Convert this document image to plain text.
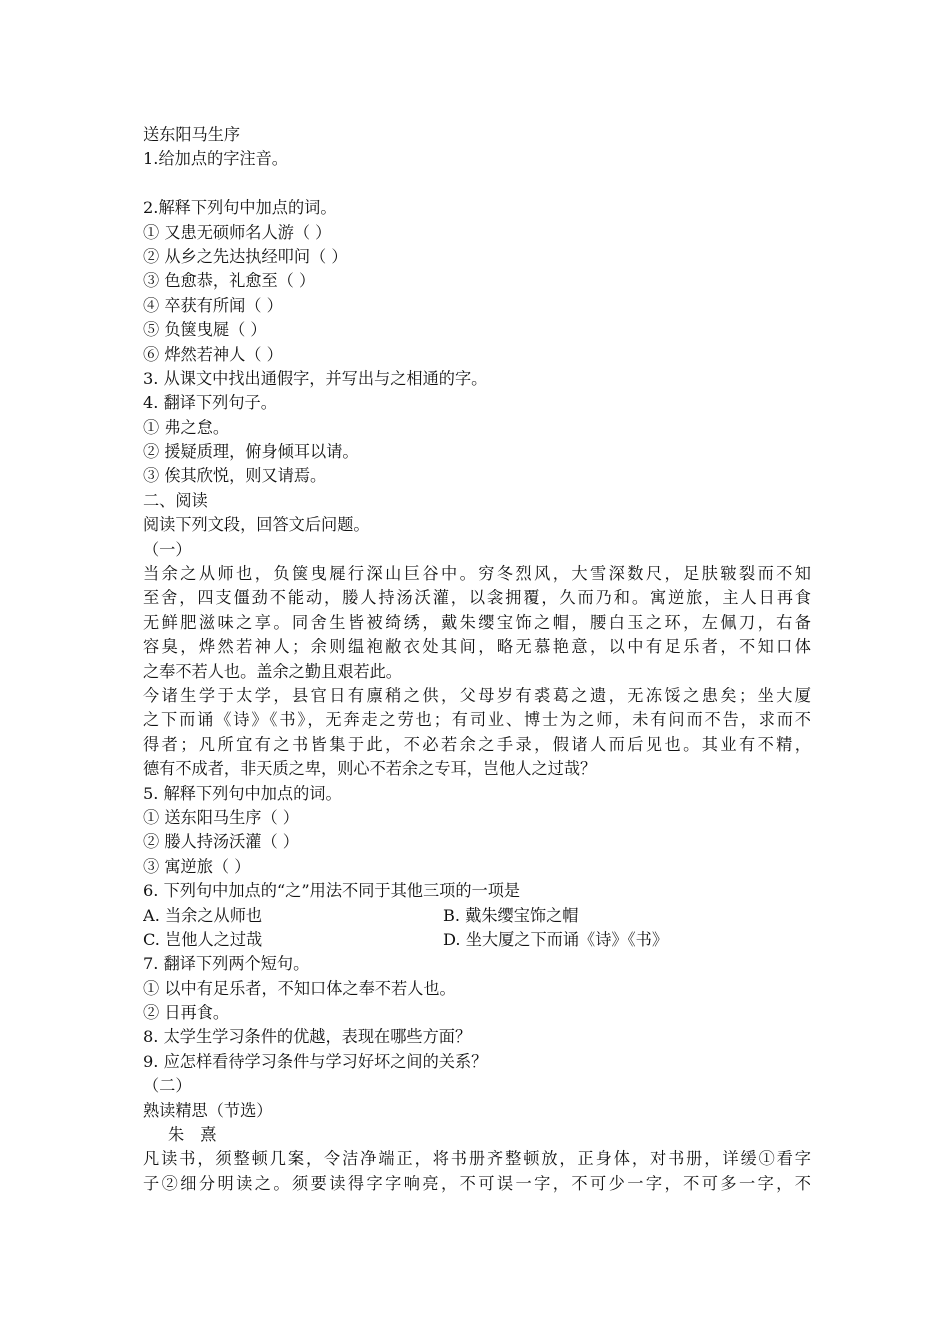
送东阳马生序
1.给加点的字注音。
2.解释下列句中加点的词。
① 又患无硕师名人游（ ）
② 从乡之先达执经叩问（ ）
③ 色愈恭，礼愈至（ ）
④ 卒获有所闻（ ）
⑤ 负箧曳屣（ ）
⑥ 烨然若神人（ ）
3. 从课文中找出通假字，并写出与之相通的字。
4. 翻译下列句子。
① 弗之怠。
② 援疑质理，俯身倾耳以请。
③ 俟其欣悦，则又请焉。
二、阅读
阅读下列文段，回答文后问题。
（一）
当余之从师也，负箧曳屣行深山巨谷中。穷冬烈风，大雪深数尺，足肤皲裂而不知
至舍，四支僵劲不能动，媵人持汤沃灌，以衾拥覆，久而乃和。寓逆旅，主人日再食
无鲜肥滋味之享。同舍生皆被绮绣，戴朱缨宝饰之帽，腰白玉之环，左佩刀，右备
容臭，烨然若神人；余则缊袍敝衣处其间，略无慕艳意，以中有足乐者，不知口体
之奉不若人也。盖余之勤且艰若此。
今诸生学于太学，县官日有廪稍之供，父母岁有裘葛之遗，无冻馁之患矣；坐大厦
之下而诵《诗》《书》，无奔走之劳也；有司业、博士为之师，未有问而不告，求而不
得者；凡所宜有之书皆集于此，不必若余之手录，假诸人而后见也。其业有不精，
德有不成者，非天质之卑，则心不若余之专耳，岂他人之过哉？
5. 解释下列句中加点的词。
① 送东阳马生序（ ）
② 媵人持汤沃灌（ ）
③ 寓逆旅（ ）
6. 下列句中加点的“之”用法不同于其他三项的一项是
A. 当余之从师也	B. 戴朱缨宝饰之帽
C. 岂他人之过哉	D. 坐大厦之下而诵《诗》《书》
7. 翻译下列两个短句。
① 以中有足乐者，不知口体之奉不若人也。
② 日再食。
8. 太学生学习条件的优越，表现在哪些方面？
9. 应怎样看待学习条件与学习好坏之间的关系？
（二）
熟读精思（节选）
朱 熹
凡读书，须整顿几案，令洁净端正，将书册齐整顿放，正身体，对书册，详缓①看字
子②细分明读之。须要读得字字响亮，不可误一字，不可少一字，不可多一字，不
